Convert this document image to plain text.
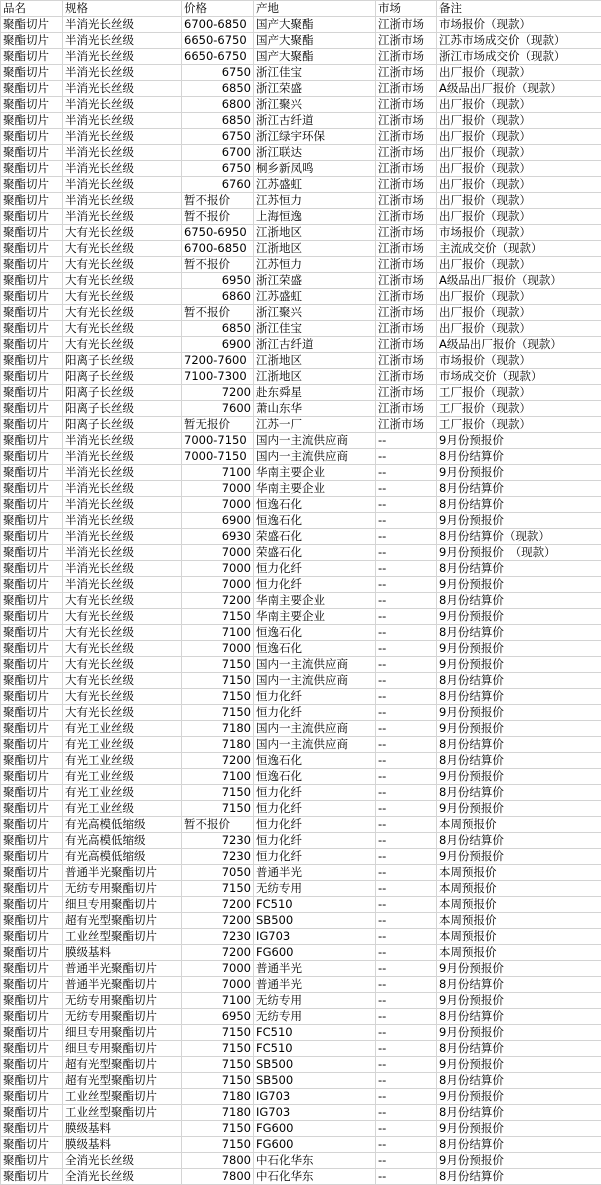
品名	规格	价格	产地	市场	备注
聚酯切片	半消光长丝级	6700-6850	国产大聚酯	江浙市场	市场报价（现款）
聚酯切片	半消光长丝级	6650-6750	国产大聚酯	江浙市场	江苏市场成交价（现款）
聚酯切片	半消光长丝级	6650-6750	国产大聚酯	江浙市场	浙江市场成交价（现款）
聚酯切片	半消光长丝级	6750	浙江佳宝	江浙市场	出厂报价（现款）
聚酯切片	半消光长丝级	6850	浙江荣盛	江浙市场	A级品出厂报价（现款）
聚酯切片	半消光长丝级	6800	浙江聚兴	江浙市场	出厂报价（现款）
聚酯切片	半消光长丝级	6850	浙江古纤道	江浙市场	出厂报价（现款）
聚酯切片	半消光长丝级	6750	浙江绿宇环保	江浙市场	出厂报价（现款）
聚酯切片	半消光长丝级	6700	浙江联达	江浙市场	出厂报价（现款）
聚酯切片	半消光长丝级	6750	桐乡新凤鸣	江浙市场	出厂报价（现款）
聚酯切片	半消光长丝级	6760	江苏盛虹	江浙市场	出厂报价（现款）
聚酯切片	半消光长丝级	暂不报价	江苏恒力	江浙市场	出厂报价（现款）
聚酯切片	半消光长丝级	暂不报价	上海恒逸	江浙市场	出厂报价（现款）
聚酯切片	大有光长丝级	6750-6950	江浙地区	江浙市场	市场报价（现款）
聚酯切片	大有光长丝级	6700-6850	江浙地区	江浙市场	主流成交价（现款）
聚酯切片	大有光长丝级	暂不报价	江苏恒力	江浙市场	出厂报价（现款）
聚酯切片	大有光长丝级	6950	浙江荣盛	江浙市场	A级品出厂报价（现款）
聚酯切片	大有光长丝级	6860	江苏盛虹	江浙市场	出厂报价（现款）
聚酯切片	大有光长丝级	暂不报价	浙江聚兴	江浙市场	出厂报价（现款）
聚酯切片	大有光长丝级	6850	浙江佳宝	江浙市场	出厂报价（现款）
聚酯切片	大有光长丝级	6900	浙江古纤道	江浙市场	A级品出厂报价（现款）
聚酯切片	阳离子长丝级	7200-7600	江浙地区	江浙市场	市场报价（现款）
聚酯切片	阳离子长丝级	7100-7300	江浙地区	江浙市场	市场成交价（现款）
聚酯切片	阳离子长丝级	7200	赴东舜星	江浙市场	工厂报价（现款）
聚酯切片	阳离子长丝级	7600	萧山东华	江浙市场	工厂报价（现款）
聚酯切片	阳离子长丝级	暂无报价	江苏一厂	江浙市场	工厂报价（现款）
聚酯切片	半消光长丝级	7000-7150	国内一主流供应商	--	9月份预报价
聚酯切片	半消光长丝级	7000-7150	国内一主流供应商	--	8月份结算价
聚酯切片	半消光长丝级	7100	华南主要企业	--	9月份预报价
聚酯切片	半消光长丝级	7000	华南主要企业	--	8月份结算价
聚酯切片	半消光长丝级	7000	恒逸石化	--	8月份结算价
聚酯切片	半消光长丝级	6900	恒逸石化	--	9月份预报价
聚酯切片	半消光长丝级	6930	荣盛石化	--	8月份结算价（现款）
聚酯切片	半消光长丝级	7000	荣盛石化	--	9月份预报价　（现款）
聚酯切片	半消光长丝级	7000	恒力化纤	--	8月份结算价
聚酯切片	半消光长丝级	7000	恒力化纤	--	9月份预报价
聚酯切片	大有光长丝级	7200	华南主要企业	--	8月份结算价
聚酯切片	大有光长丝级	7150	华南主要企业	--	9月份预报价
聚酯切片	大有光长丝级	7100	恒逸石化	--	8月份结算价
聚酯切片	大有光长丝级	7000	恒逸石化	--	9月份预报价
聚酯切片	大有光长丝级	7150	国内一主流供应商	--	9月份预报价
聚酯切片	大有光长丝级	7150	国内一主流供应商	--	8月份结算价
聚酯切片	大有光长丝级	7150	恒力化纤	--	8月份结算价
聚酯切片	大有光长丝级	7150	恒力化纤	--	9月份预报价
聚酯切片	有光工业丝级	7180	国内一主流供应商	--	9月份预报价
聚酯切片	有光工业丝级	7180	国内一主流供应商	--	8月份结算价
聚酯切片	有光工业丝级	7200	恒逸石化	--	8月份结算价
聚酯切片	有光工业丝级	7100	恒逸石化	--	9月份预报价
聚酯切片	有光工业丝级	7150	恒力化纤	--	8月份结算价
聚酯切片	有光工业丝级	7150	恒力化纤	--	9月份预报价
聚酯切片	有光高模低缩级	暂不报价	恒力化纤	--	本周预报价
聚酯切片	有光高模低缩级	7230	恒力化纤	--	8月份结算价
聚酯切片	有光高模低缩级	7230	恒力化纤	--	9月份预报价
聚酯切片	普通半光聚酯切片	7050	普通半光	--	本周预报价
聚酯切片	无纺专用聚酯切片	7150	无纺专用	--	本周预报价
聚酯切片	细旦专用聚酯切片	7200	FC510	--	本周预报价
聚酯切片	超有光型聚酯切片	7200	SB500	--	本周预报价
聚酯切片	工业丝型聚酯切片	7230	IG703	--	本周预报价
聚酯切片	膜级基料	7200	FG600	--	本周预报价
聚酯切片	普通半光聚酯切片	7000	普通半光	--	9月份预报价
聚酯切片	普通半光聚酯切片	7000	普通半光	--	8月份结算价
聚酯切片	无纺专用聚酯切片	7100	无纺专用	--	9月份预报价
聚酯切片	无纺专用聚酯切片	6950	无纺专用	--	8月份结算价
聚酯切片	细旦专用聚酯切片	7150	FC510	--	9月份预报价
聚酯切片	细旦专用聚酯切片	7150	FC510	--	8月份结算价
聚酯切片	超有光型聚酯切片	7150	SB500	--	9月份预报价
聚酯切片	超有光型聚酯切片	7150	SB500	--	8月份结算价
聚酯切片	工业丝型聚酯切片	7180	IG703	--	9月份预报价
聚酯切片	工业丝型聚酯切片	7180	IG703	--	8月份结算价
聚酯切片	膜级基料	7150	FG600	--	9月份预报价
聚酯切片	膜级基料	7150	FG600	--	8月份结算价
聚酯切片	全消光长丝级	7800	中石化华东	--	9月份预报价
聚酯切片	全消光长丝级	7800	中石化华东	--	8月份结算价
